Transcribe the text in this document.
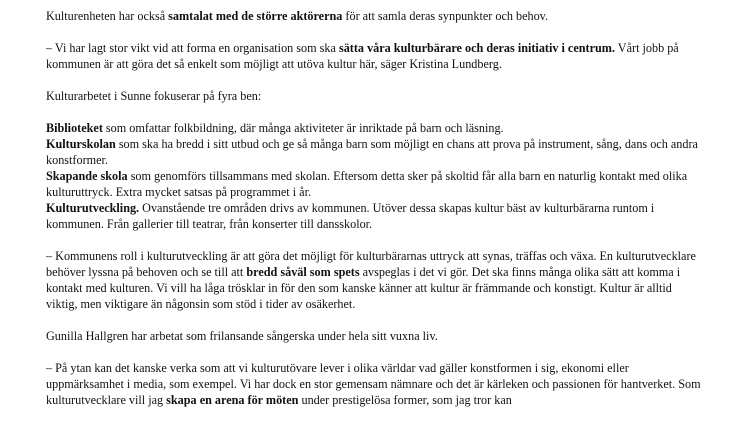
Kulturenheten har också samtalat med de större aktörerna för att samla deras synpunkter och behov.

– Vi har lagt stor vikt vid att forma en organisation som ska sätta våra kulturbärare och deras initiativ i centrum. Vårt jobb på kommunen är att göra det så enkelt som möjligt att utöva kultur här, säger Kristina Lundberg.

Kulturarbetet i Sunne fokuserar på fyra ben:

Biblioteket som omfattar folkbildning, där många aktiviteter är inriktade på barn och läsning.

Kulturskolan som ska ha bredd i sitt utbud och ge så många barn som möjligt en chans att prova på instrument, sång, dans och andra konstformer.

Skapande skola som genomförs tillsammans med skolan. Eftersom detta sker på skoltid får alla barn en naturlig kontakt med olika kulturuttryck. Extra mycket satsas på programmet i år.

Kulturutveckling. Ovanstående tre områden drivs av kommunen. Utöver dessa skapas kultur bäst av kulturbärarna runtom i kommunen. Från gallerier till teatrar, från konserter till dansskolor.

– Kommunens roll i kulturutveckling är att göra det möjligt för kulturbärarnas uttryck att synas, träffas och växa. En kulturutvecklare behöver lyssna på behoven och se till att bredd såväl som spets avspeglas i det vi gör. Det ska finns många olika sätt att komma i kontakt med kulturen. Vi vill ha låga trösklar in för den som kanske känner att kultur är främmande och konstigt. Kultur är alltid viktig, men viktigare än någonsin som stöd i tider av osäkerhet.

Gunilla Hallgren har arbetat som frilansande sångerska under hela sitt vuxna liv.

– På ytan kan det kanske verka som att vi kulturutövare lever i olika världar vad gäller konstformen i sig, ekonomi eller uppmärksamhet i media, som exempel. Vi har dock en stor gemensam nämnare och det är kärleken och passionen för hantverket. Som kulturutvecklare vill jag skapa en arena för möten under prestigelösa former, som jag tror kan
